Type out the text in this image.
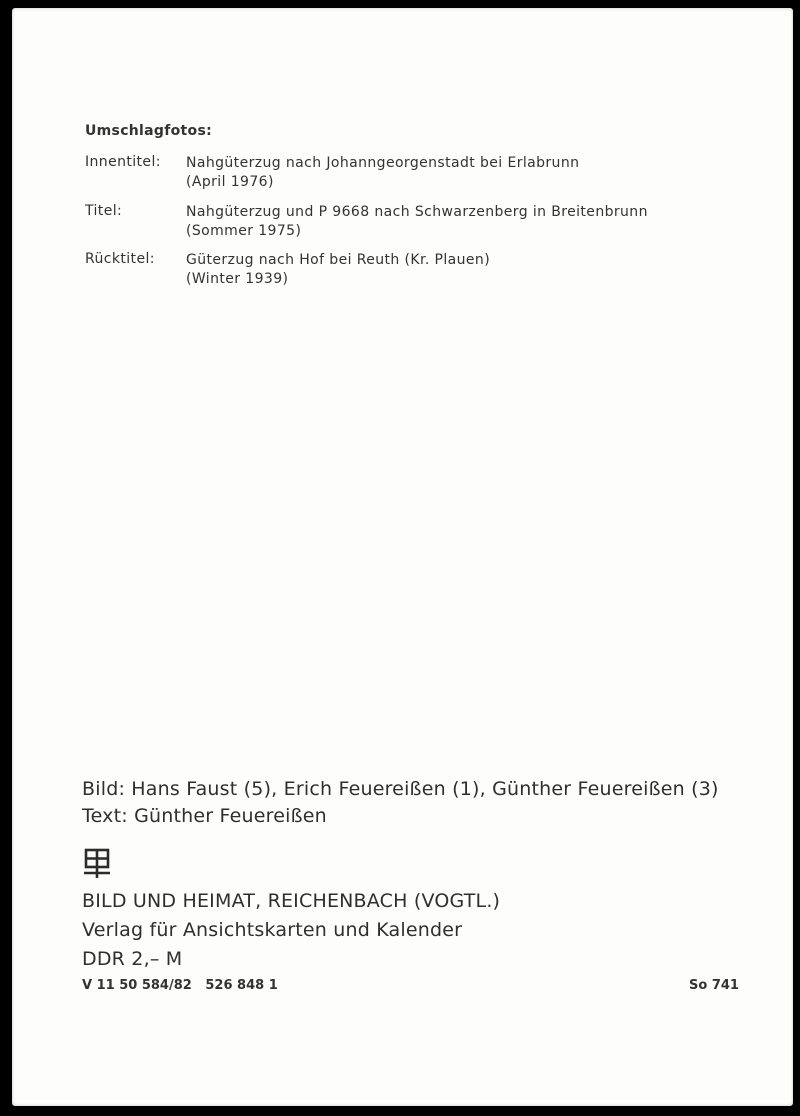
Umschlagfotos:
Innentitel: Nahgüterzug nach Johanngeorgenstadt bei Erlabrunn
(April 1976)
Titel:	Nahgüterzug und P 9668 nach Schwarzenberg in Breitenbrunn
(Sommer 1975)
Rücktitel: Güterzug nach Hof bei Reuth (Kr. Plauen)
(Winter 1939)
Bild: Hans Faust (5), Erich Feuereißen (1), Günther Feuereißen (3)
Text: Günther Feuereißen
BILD UND HEIMAT, REICHENBACH (VOGTL.)
Verlag für Ansichtskarten und Kalender
DDR 2,– M
V 11 50 584/82   526 848 1	So 741
